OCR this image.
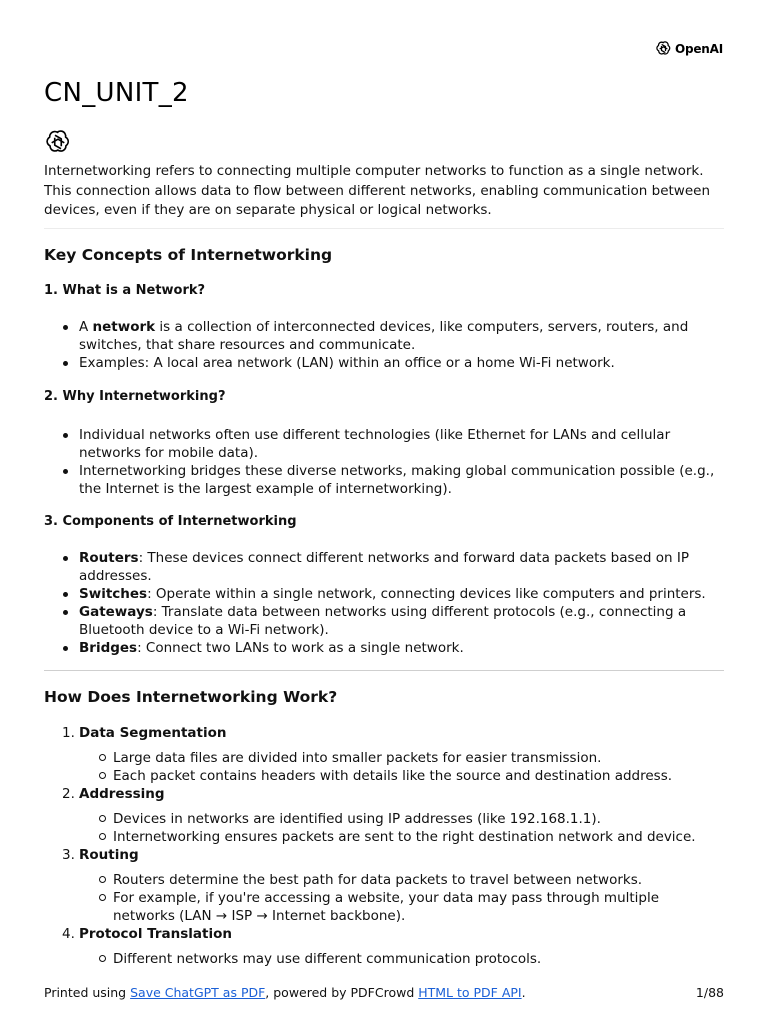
OpenAI
CN_UNIT_2

Internetworking refers to connecting multiple computer networks to function as a single network. This connection allows data to flow between different networks, enabling communication between devices, even if they are on separate physical or logical networks.

Key Concepts of Internetworking
1. What is a Network?
A network is a collection of interconnected devices, like computers, servers, routers, and switches, that share resources and communicate.
Examples: A local area network (LAN) within an office or a home Wi-Fi network.
2. Why Internetworking?
Individual networks often use different technologies (like Ethernet for LANs and cellular networks for mobile data).
Internetworking bridges these diverse networks, making global communication possible (e.g., the Internet is the largest example of internetworking).
3. Components of Internetworking
Routers: These devices connect different networks and forward data packets based on IP addresses.
Switches: Operate within a single network, connecting devices like computers and printers.
Gateways: Translate data between networks using different protocols (e.g., connecting a Bluetooth device to a Wi-Fi network).
Bridges: Connect two LANs to work as a single network.
How Does Internetworking Work?
1. Data Segmentation
Large data files are divided into smaller packets for easier transmission.
Each packet contains headers with details like the source and destination address.
2. Addressing
Devices in networks are identified using IP addresses (like 192.168.1.1).
Internetworking ensures packets are sent to the right destination network and device.
3. Routing
Routers determine the best path for data packets to travel between networks.
For example, if you're accessing a website, your data may pass through multiple networks (LAN → ISP → Internet backbone).
4. Protocol Translation
Different networks may use different communication protocols.
Printed using Save ChatGPT as PDF, powered by PDFCrowd HTML to PDF API.	1/88
